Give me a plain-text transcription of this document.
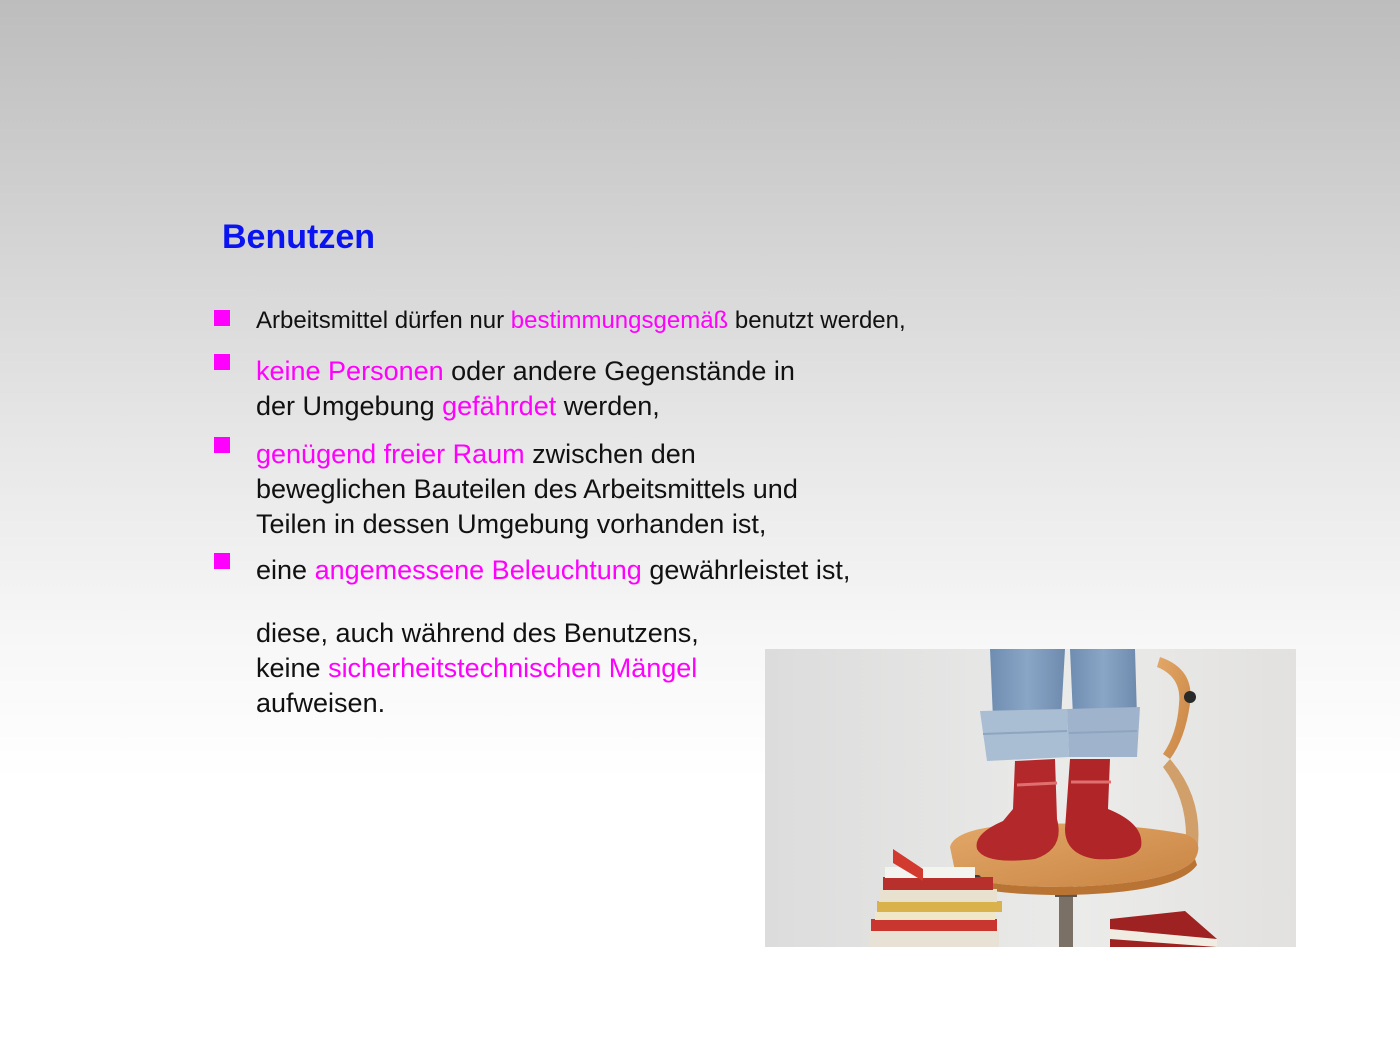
Benutzen
Arbeitsmittel dürfen nur bestimmungsgemäß benutzt werden,
keine Personen oder andere Gegenstände in
der Umgebung gefährdet werden,
genügend freier Raum zwischen den
beweglichen Bauteilen des Arbeitsmittels und
Teilen in dessen Umgebung vorhanden ist,
eine angemessene Beleuchtung gewährleistet ist,
diese, auch während des Benutzens,
keine sicherheitstechnischen Mängel
aufweisen.
